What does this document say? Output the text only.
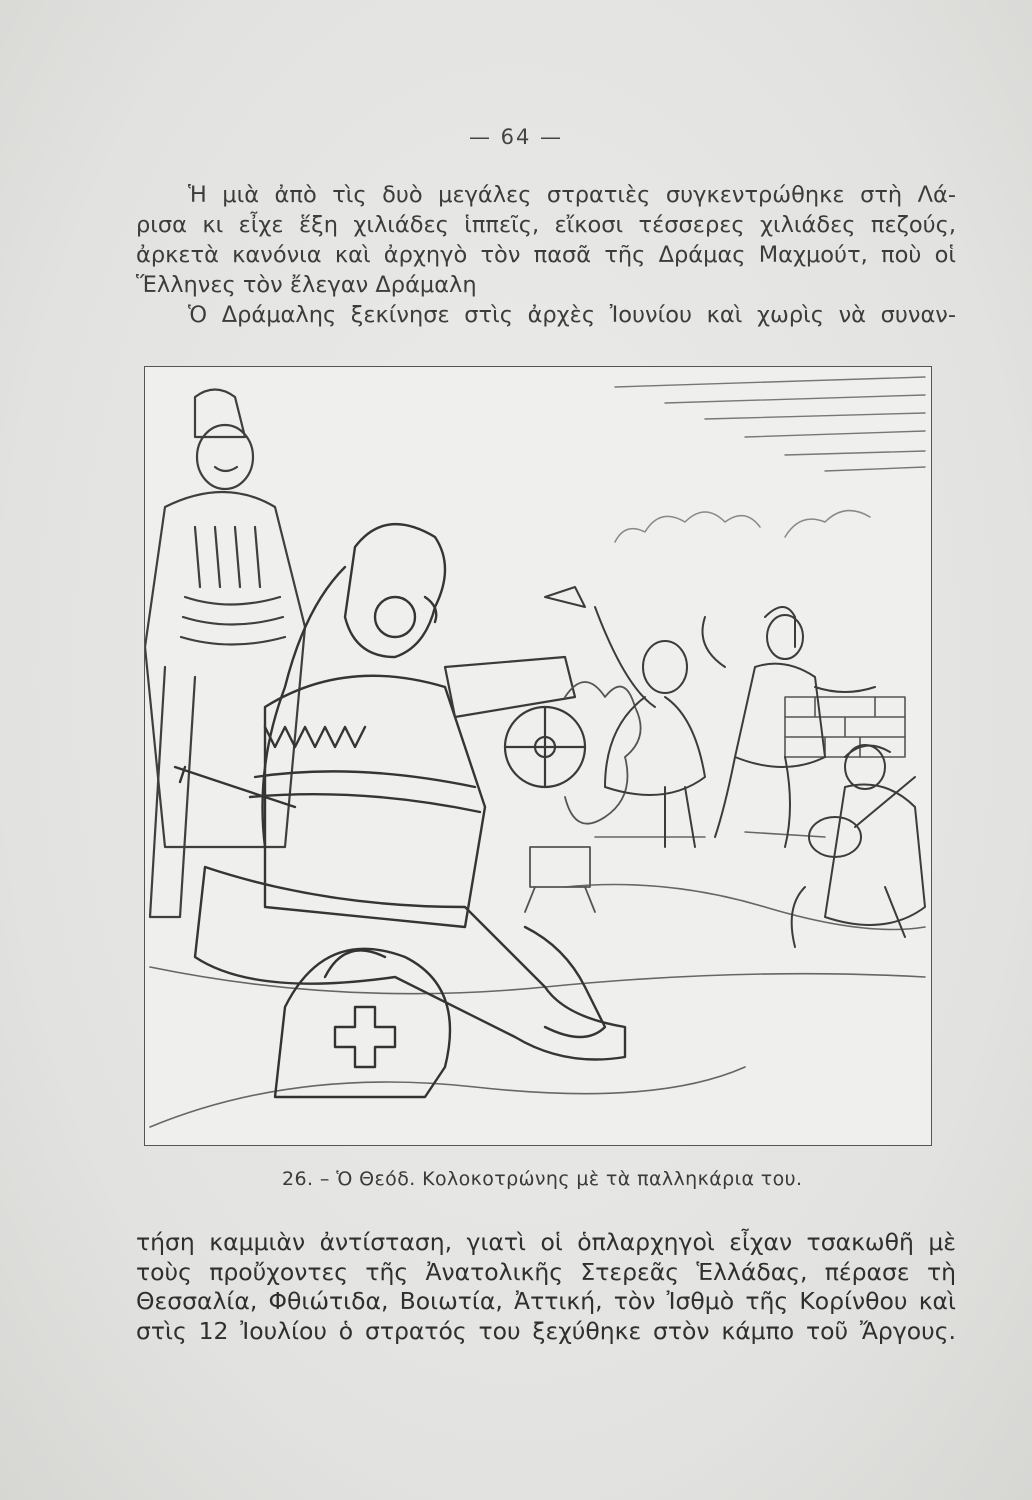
— 64 —
Ἡ μιὰ ἀπὸ τὶς δυὸ μεγάλες στρατιὲς συγκεντρώθηκε στὴ Λά-
ρισα κι εἶχε ἕξη χιλιάδες ἱππεῖς, εἴκοσι τέσσερες χιλιάδες πεζούς,
ἀρκετὰ κανόνια καὶ ἀρχηγὸ τὸν πασᾶ τῆς Δράμας Μαχμούτ, ποὺ οἱ
Ἕλληνες τὸν ἔλεγαν Δράμαλη
Ὁ Δράμαλης ξεκίνησε στὶς ἀρχὲς Ἰουνίου καὶ χωρὶς νὰ συναν-
26. – Ὁ Θεόδ. Κολοκοτρώνης μὲ τὰ παλληκάρια του.
τήση καμμιὰν ἀντίσταση, γιατὶ οἱ ὁπλαρχηγοὶ εἶχαν τσακωθῆ μὲ
τοὺς προὔχοντες τῆς Ἀνατολικῆς Στερεᾶς Ἑλλάδας, πέρασε τὴ
Θεσσαλία, Φθιώτιδα, Βοιωτία, Ἀττική, τὸν Ἰσθμὸ τῆς Κορίνθου καὶ
στὶς 12 Ἰουλίου ὁ στρατός του ξεχύθηκε στὸν κάμπο τοῦ Ἄργους.
